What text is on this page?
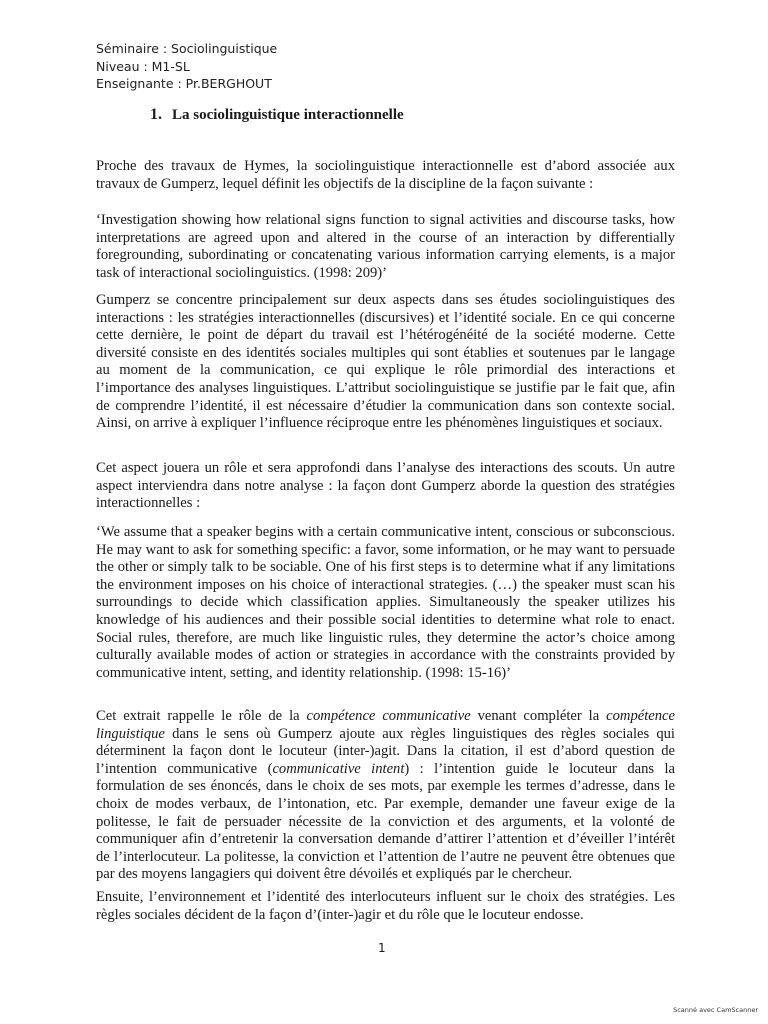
Séminaire : Sociolinguistique
Niveau : M1-SL
Enseignante : Pr.BERGHOUT
1. La sociolinguistique interactionnelle

Proche des travaux de Hymes, la sociolinguistique interactionnelle est d’abord associée aux travaux de Gumperz, lequel définit les objectifs de la discipline de la façon suivante :

‘Investigation showing how relational signs function to signal activities and discourse tasks, how interpretations are agreed upon and altered in the course of an interaction by differentially foregrounding, subordinating or concatenating various information carrying elements, is a major task of interactional sociolinguistics. (1998: 209)’

Gumperz se concentre principalement sur deux aspects dans ses études sociolinguistiques des interactions : les stratégies interactionnelles (discursives) et l’identité sociale. En ce qui concerne cette dernière, le point de départ du travail est l’hétérogénéité de la société moderne. Cette diversité consiste en des identités sociales multiples qui sont établies et soutenues par le langage au moment de la communication, ce qui explique le rôle primordial des interactions et l’importance des analyses linguistiques. L’attribut sociolinguistique se justifie par le fait que, afin de comprendre l’identité, il est nécessaire d’étudier la communication dans son contexte social. Ainsi, on arrive à expliquer l’influence réciproque entre les phénomènes linguistiques et sociaux.

Cet aspect jouera un rôle et sera approfondi dans l’analyse des interactions des scouts. Un autre aspect interviendra dans notre analyse : la façon dont Gumperz aborde la question des stratégies interactionnelles :

‘We assume that a speaker begins with a certain communicative intent, conscious or subconscious. He may want to ask for something specific: a favor, some information, or he may want to persuade the other or simply talk to be sociable. One of his first steps is to determine what if any limitations the environment imposes on his choice of interactional strategies. (…) the speaker must scan his surroundings to decide which classification applies. Simultaneously the speaker utilizes his knowledge of his audiences and their possible social identities to determine what role to enact. Social rules, therefore, are much like linguistic rules, they determine the actor’s choice among culturally available modes of action or strategies in accordance with the constraints provided by communicative intent, setting, and identity relationship. (1998: 15-16)’

Cet extrait rappelle le rôle de la compétence communicative venant compléter la compétence linguistique dans le sens où Gumperz ajoute aux règles linguistiques des règles sociales qui déterminent la façon dont le locuteur (inter-)agit. Dans la citation, il est d’abord question de l’intention communicative (communicative intent) : l’intention guide le locuteur dans la formulation de ses énoncés, dans le choix de ses mots, par exemple les termes d’adresse, dans le choix de modes verbaux, de l’intonation, etc. Par exemple, demander une faveur exige de la politesse, le fait de persuader nécessite de la conviction et des arguments, et la volonté de communiquer afin d’entretenir la conversation demande d’attirer l’attention et d’éveiller l’intérêt de l’interlocuteur. La politesse, la conviction et l’attention de l’autre ne peuvent être obtenues que par des moyens langagiers qui doivent être dévoilés et expliqués par le chercheur.

Ensuite, l’environnement et l’identité des interlocuteurs influent sur le choix des stratégies. Les règles sociales décident de la façon d’(inter-)agir et du rôle que le locuteur endosse.

1
Scanné avec CamScanner
